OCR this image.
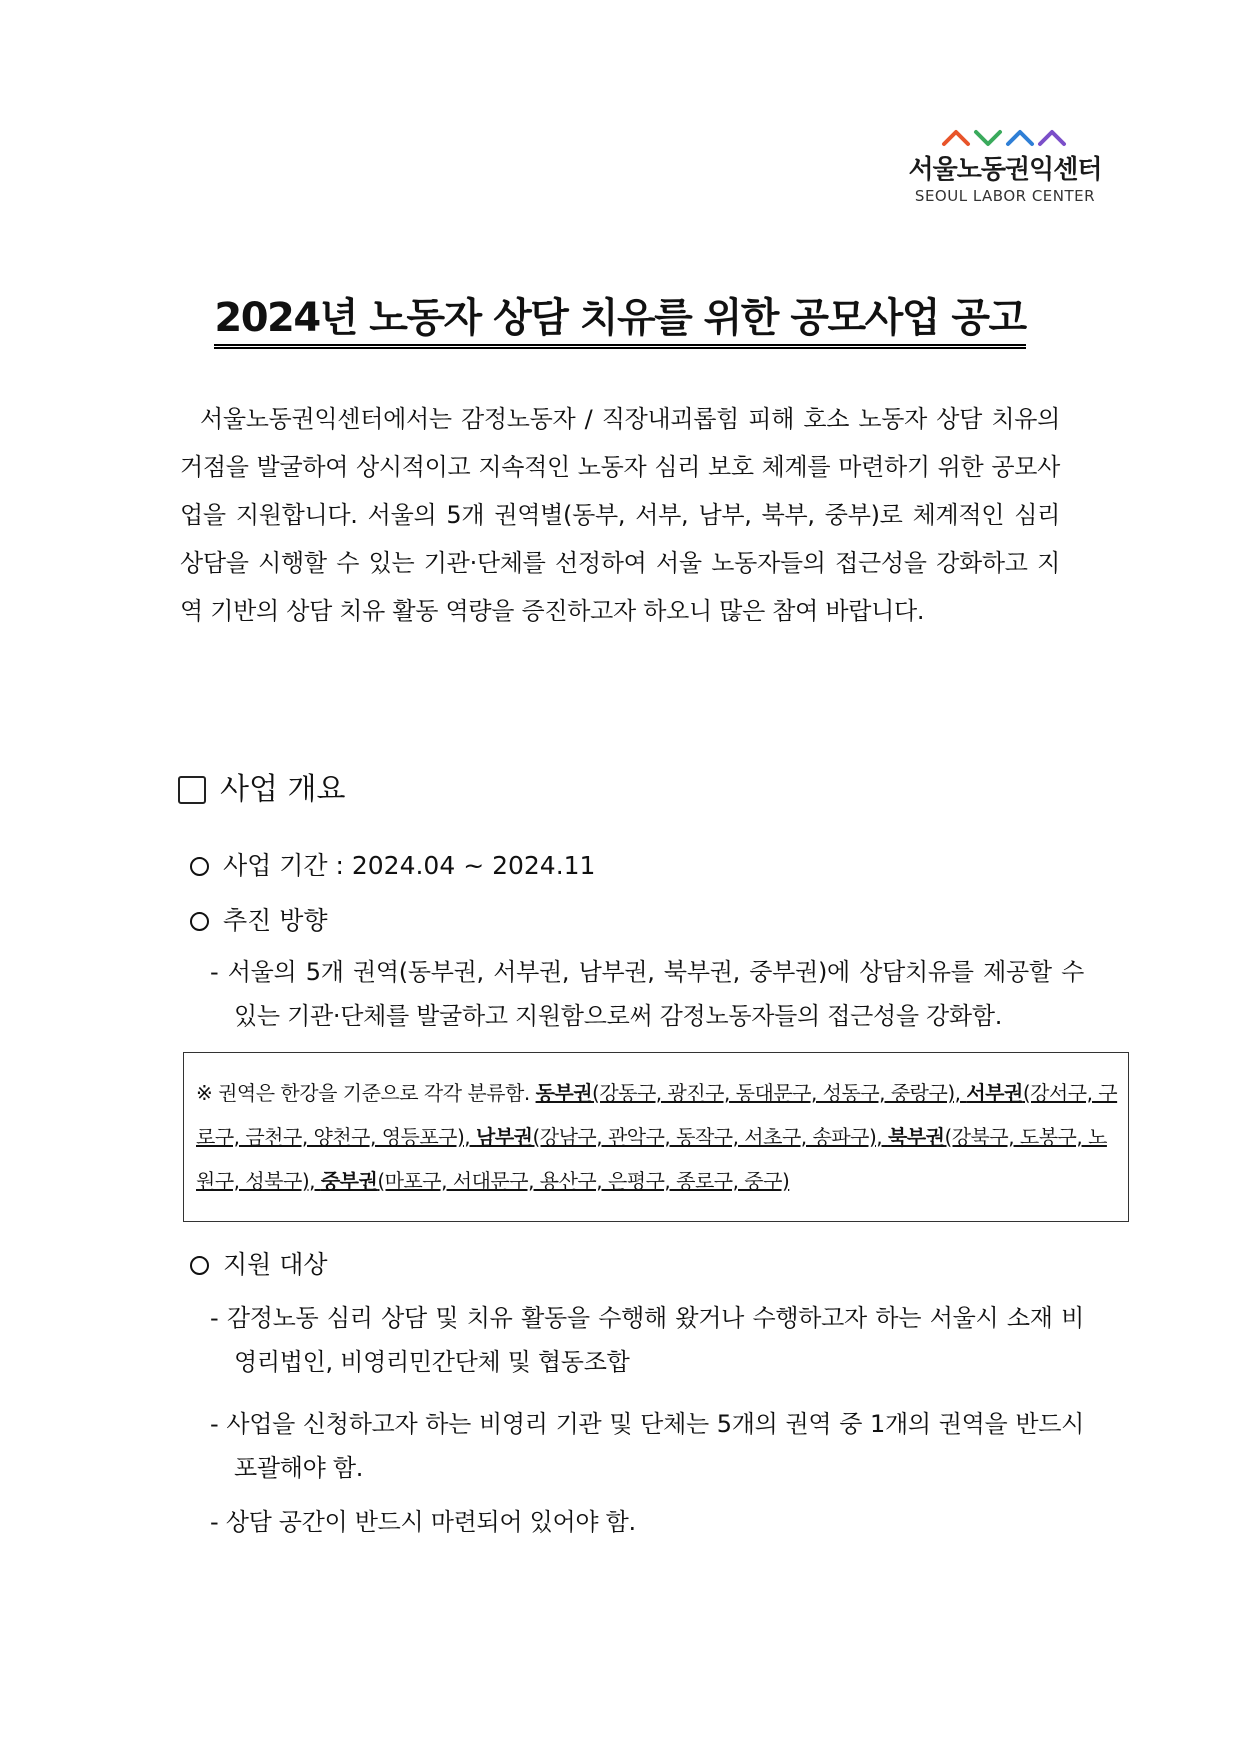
서울노동권익센터
SEOUL LABOR CENTER
2024년 노동자 상담 치유를 위한 공모사업 공고
서울노동권익센터에서는 감정노동자 / 직장내괴롭힘 피해 호소 노동자 상담 치유의 거점을 발굴하여 상시적이고 지속적인 노동자 심리 보호 체계를 마련하기 위한 공모사업을 지원합니다. 서울의 5개 권역별(동부, 서부, 남부, 북부, 중부)로 체계적인 심리 상담을 시행할 수 있는 기관·단체를 선정하여 서울 노동자들의 접근성을 강화하고 지역 기반의 상담 치유 활동 역량을 증진하고자 하오니 많은 참여 바랍니다.
사업 개요
사업 기간 : 2024.04 ~ 2024.11
추진 방향
- 서울의 5개 권역(동부권, 서부권, 남부권, 북부권, 중부권)에 상담치유를 제공할 수 있는 기관·단체를 발굴하고 지원함으로써 감정노동자들의 접근성을 강화함.
※ 권역은 한강을 기준으로 각각 분류함. 동부권(강동구, 광진구, 동대문구, 성동구, 중랑구), 서부권(강서구, 구로구, 금천구, 양천구, 영등포구), 남부권(강남구, 관악구, 동작구, 서초구, 송파구), 북부권(강북구, 도봉구, 노원구, 성북구), 중부권(마포구, 서대문구, 용산구, 은평구, 종로구, 중구)
지원 대상
- 감정노동 심리 상담 및 치유 활동을 수행해 왔거나 수행하고자 하는 서울시 소재 비영리법인, 비영리민간단체 및 협동조합
- 사업을 신청하고자 하는 비영리 기관 및 단체는 5개의 권역 중 1개의 권역을 반드시 포괄해야 함.
- 상담 공간이 반드시 마련되어 있어야 함.
